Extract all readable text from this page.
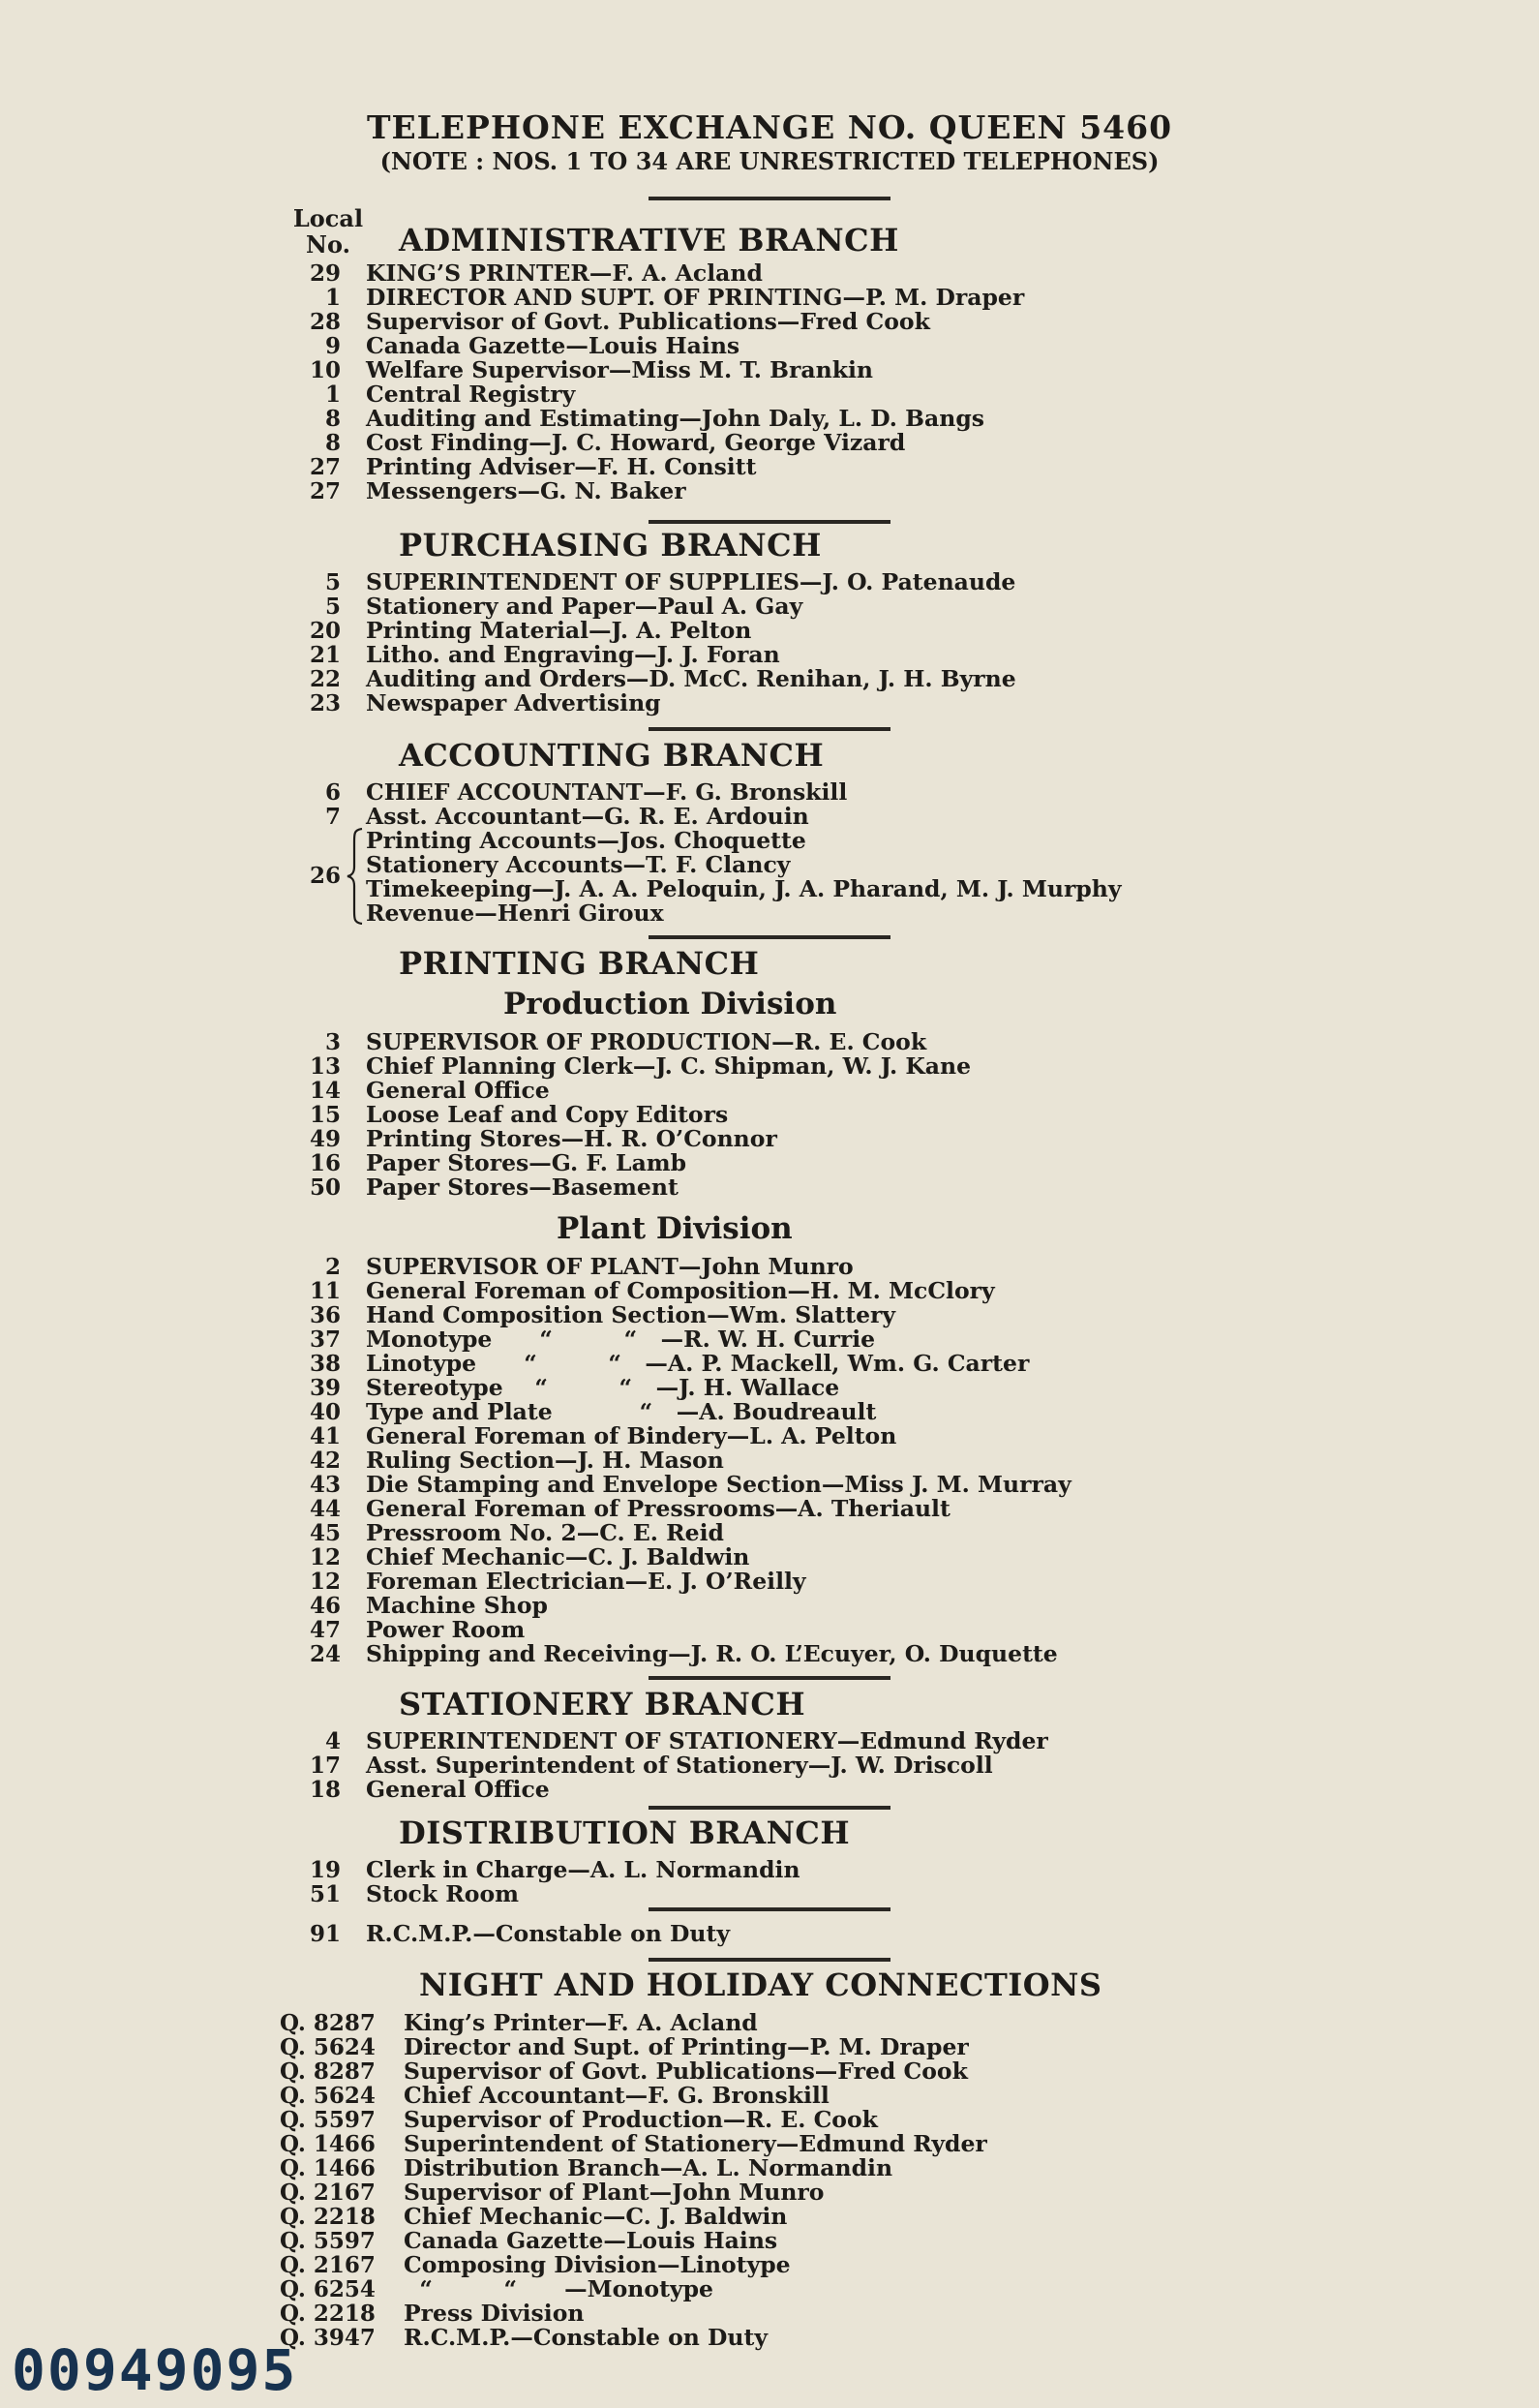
TELEPHONE EXCHANGE NO. QUEEN 5460
(NOTE : NOS. 1 TO 34 ARE UNRESTRICTED TELEPHONES)
Local
No.	ADMINISTRATIVE BRANCH
29 KING’S PRINTER—F. A. Acland
1 DIRECTOR AND SUPT. OF PRINTING—P. M. Draper
28 Supervisor of Govt. Publications—Fred Cook
9 Canada Gazette—Louis Hains
10 Welfare Supervisor—Miss M. T. Brankin
1 Central Registry
8 Auditing and Estimating—John Daly, L. D. Bangs
8 Cost Finding—J. C. Howard, George Vizard
27 Printing Adviser—F. H. Consitt
27 Messengers—G. N. Baker
PURCHASING BRANCH
5 SUPERINTENDENT OF SUPPLIES—J. O. Patenaude
5 Stationery and Paper—Paul A. Gay
20 Printing Material—J. A. Pelton
21 Litho. and Engraving—J. J. Foran
22 Auditing and Orders—D. McC. Renihan, J. H. Byrne
23 Newspaper Advertising
ACCOUNTING BRANCH
6 CHIEF ACCOUNTANT—F. G. Bronskill
7 Asst. Accountant—G. R. E. Ardouin
26
Printing Accounts—Jos. Choquette
Stationery Accounts—T. F. Clancy
Timekeeping—J. A. A. Peloquin, J. A. Pharand, M. J. Murphy
Revenue—Henri Giroux
PRINTING BRANCH
Production Division
3 SUPERVISOR OF PRODUCTION—R. E. Cook
13 Chief Planning Clerk—J. C. Shipman, W. J. Kane
14 General Office
15 Loose Leaf and Copy Editors
49 Printing Stores—H. R. O’Connor
16 Paper Stores—G. F. Lamb
50 Paper Stores—Basement
Plant Division
2 SUPERVISOR OF PLANT—John Munro
11 General Foreman of Composition—H. M. McClory
36 Hand Composition Section—Wm. Slattery
37 Monotype      “         “   —R. W. H. Currie
38 Linotype      “         “   —A. P. Mackell, Wm. G. Carter
39 Stereotype    “         “   —J. H. Wallace
40 Type and Plate           “   —A. Boudreault
41 General Foreman of Bindery—L. A. Pelton
42 Ruling Section—J. H. Mason
43 Die Stamping and Envelope Section—Miss J. M. Murray
44 General Foreman of Pressrooms—A. Theriault
45 Pressroom No. 2—C. E. Reid
12 Chief Mechanic—C. J. Baldwin
12 Foreman Electrician—E. J. O’Reilly
46 Machine Shop
47 Power Room
24 Shipping and Receiving—J. R. O. L’Ecuyer, O. Duquette
STATIONERY BRANCH
4 SUPERINTENDENT OF STATIONERY—Edmund Ryder
17 Asst. Superintendent of Stationery—J. W. Driscoll
18 General Office
DISTRIBUTION BRANCH
19 Clerk in Charge—A. L. Normandin
51 Stock Room
91 R.C.M.P.—Constable on Duty
NIGHT AND HOLIDAY CONNECTIONS
Q. 8287 King’s Printer—F. A. Acland
Q. 5624 Director and Supt. of Printing—P. M. Draper
Q. 8287 Supervisor of Govt. Publications—Fred Cook
Q. 5624 Chief Accountant—F. G. Bronskill
Q. 5597 Supervisor of Production—R. E. Cook
Q. 1466 Superintendent of Stationery—Edmund Ryder
Q. 1466 Distribution Branch—A. L. Normandin
Q. 2167 Supervisor of Plant—John Munro
Q. 2218 Chief Mechanic—C. J. Baldwin
Q. 5597 Canada Gazette—Louis Hains
Q. 2167 Composing Division—Linotype
Q. 6254 “         “      —Monotype
Q. 2218 Press Division
Q. 3947 R.C.M.P.—Constable on Duty
00949095
